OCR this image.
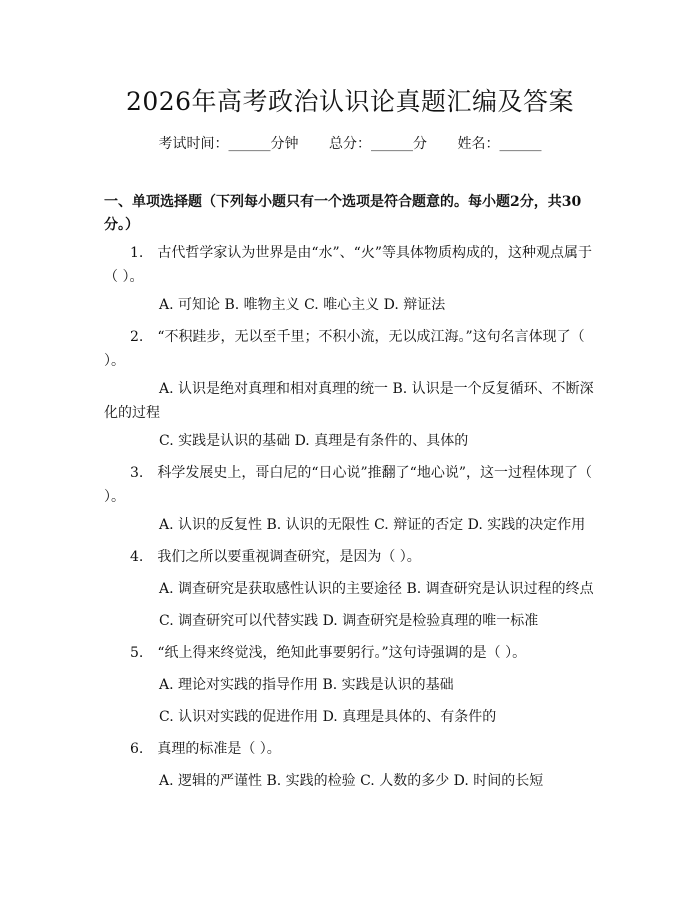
2026年高考政治认识论真题汇编及答案
考试时间：______分钟 总分：______分 姓名：______
一、单项选择题（下列每小题只有一个选项是符合题意的。每小题2分，共30分。）
1. 古代哲学家认为世界是由“水”、“火”等具体物质构成的，这种观点属于（ ）。
A. 可知论 B. 唯物主义 C. 唯心主义 D. 辩证法
2. “不积跬步，无以至千里；不积小流，无以成江海。”这句名言体现了（ ）。
A. 认识是绝对真理和相对真理的统一 B. 认识是一个反复循环、不断深化的过程
C. 实践是认识的基础 D. 真理是有条件的、具体的
3. 科学发展史上，哥白尼的“日心说”推翻了“地心说”，这一过程体现了（ ）。
A. 认识的反复性 B. 认识的无限性 C. 辩证的否定 D. 实践的决定作用
4. 我们之所以要重视调查研究，是因为（ ）。
A. 调查研究是获取感性认识的主要途径 B. 调查研究是认识过程的终点
C. 调查研究可以代替实践 D. 调查研究是检验真理的唯一标准
5. “纸上得来终觉浅，绝知此事要躬行。”这句诗强调的是（ ）。
A. 理论对实践的指导作用 B. 实践是认识的基础
C. 认识对实践的促进作用 D. 真理是具体的、有条件的
6. 真理的标准是（ ）。
A. 逻辑的严谨性 B. 实践的检验 C. 人数的多少 D. 时间的长短
